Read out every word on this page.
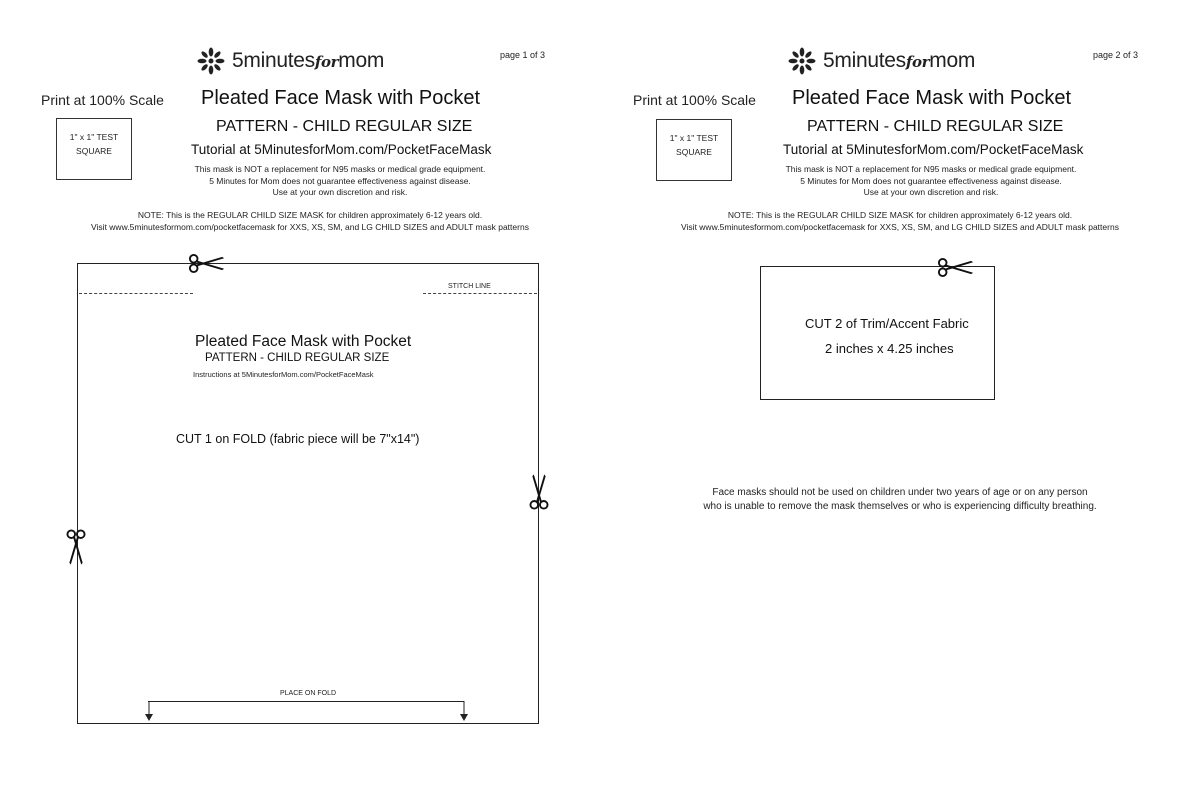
5minutesformom	page 1 of 3
Print at 100% Scale
1" x 1" TEST
SQUARE
Pleated Face Mask with Pocket
PATTERN - CHILD REGULAR SIZE
Tutorial at 5MinutesforMom.com/PocketFaceMask
This mask is NOT a replacement for N95 masks or medical grade equipment.
5 Minutes for Mom does not guarantee effectiveness against disease.
Use at your own discretion and risk.
NOTE: This is the REGULAR CHILD SIZE MASK for children approximately 6-12 years old.
Visit www.5minutesformom.com/pocketfacemask for XXS, XS, SM, and LG CHILD SIZES and ADULT mask patterns
STITCH LINE
Pleated Face Mask with Pocket
PATTERN - CHILD REGULAR SIZE
Instructions at 5MinutesforMom.com/PocketFaceMask
CUT 1 on FOLD (fabric piece will be 7"x14")
PLACE ON FOLD
5minutesformom	page 2 of 3
Print at 100% Scale
1" x 1" TEST
SQUARE
Pleated Face Mask with Pocket
PATTERN - CHILD REGULAR SIZE
Tutorial at 5MinutesforMom.com/PocketFaceMask
This mask is NOT a replacement for N95 masks or medical grade equipment.
5 Minutes for Mom does not guarantee effectiveness against disease.
Use at your own discretion and risk.
NOTE: This is the REGULAR CHILD SIZE MASK for children approximately 6-12 years old.
Visit www.5minutesformom.com/pocketfacemask for XXS, XS, SM, and LG CHILD SIZES and ADULT mask patterns
CUT 2 of Trim/Accent Fabric
2 inches x 4.25 inches
Face masks should not be used on children under two years of age or on any person
who is unable to remove the mask themselves or who is experiencing difficulty breathing.
